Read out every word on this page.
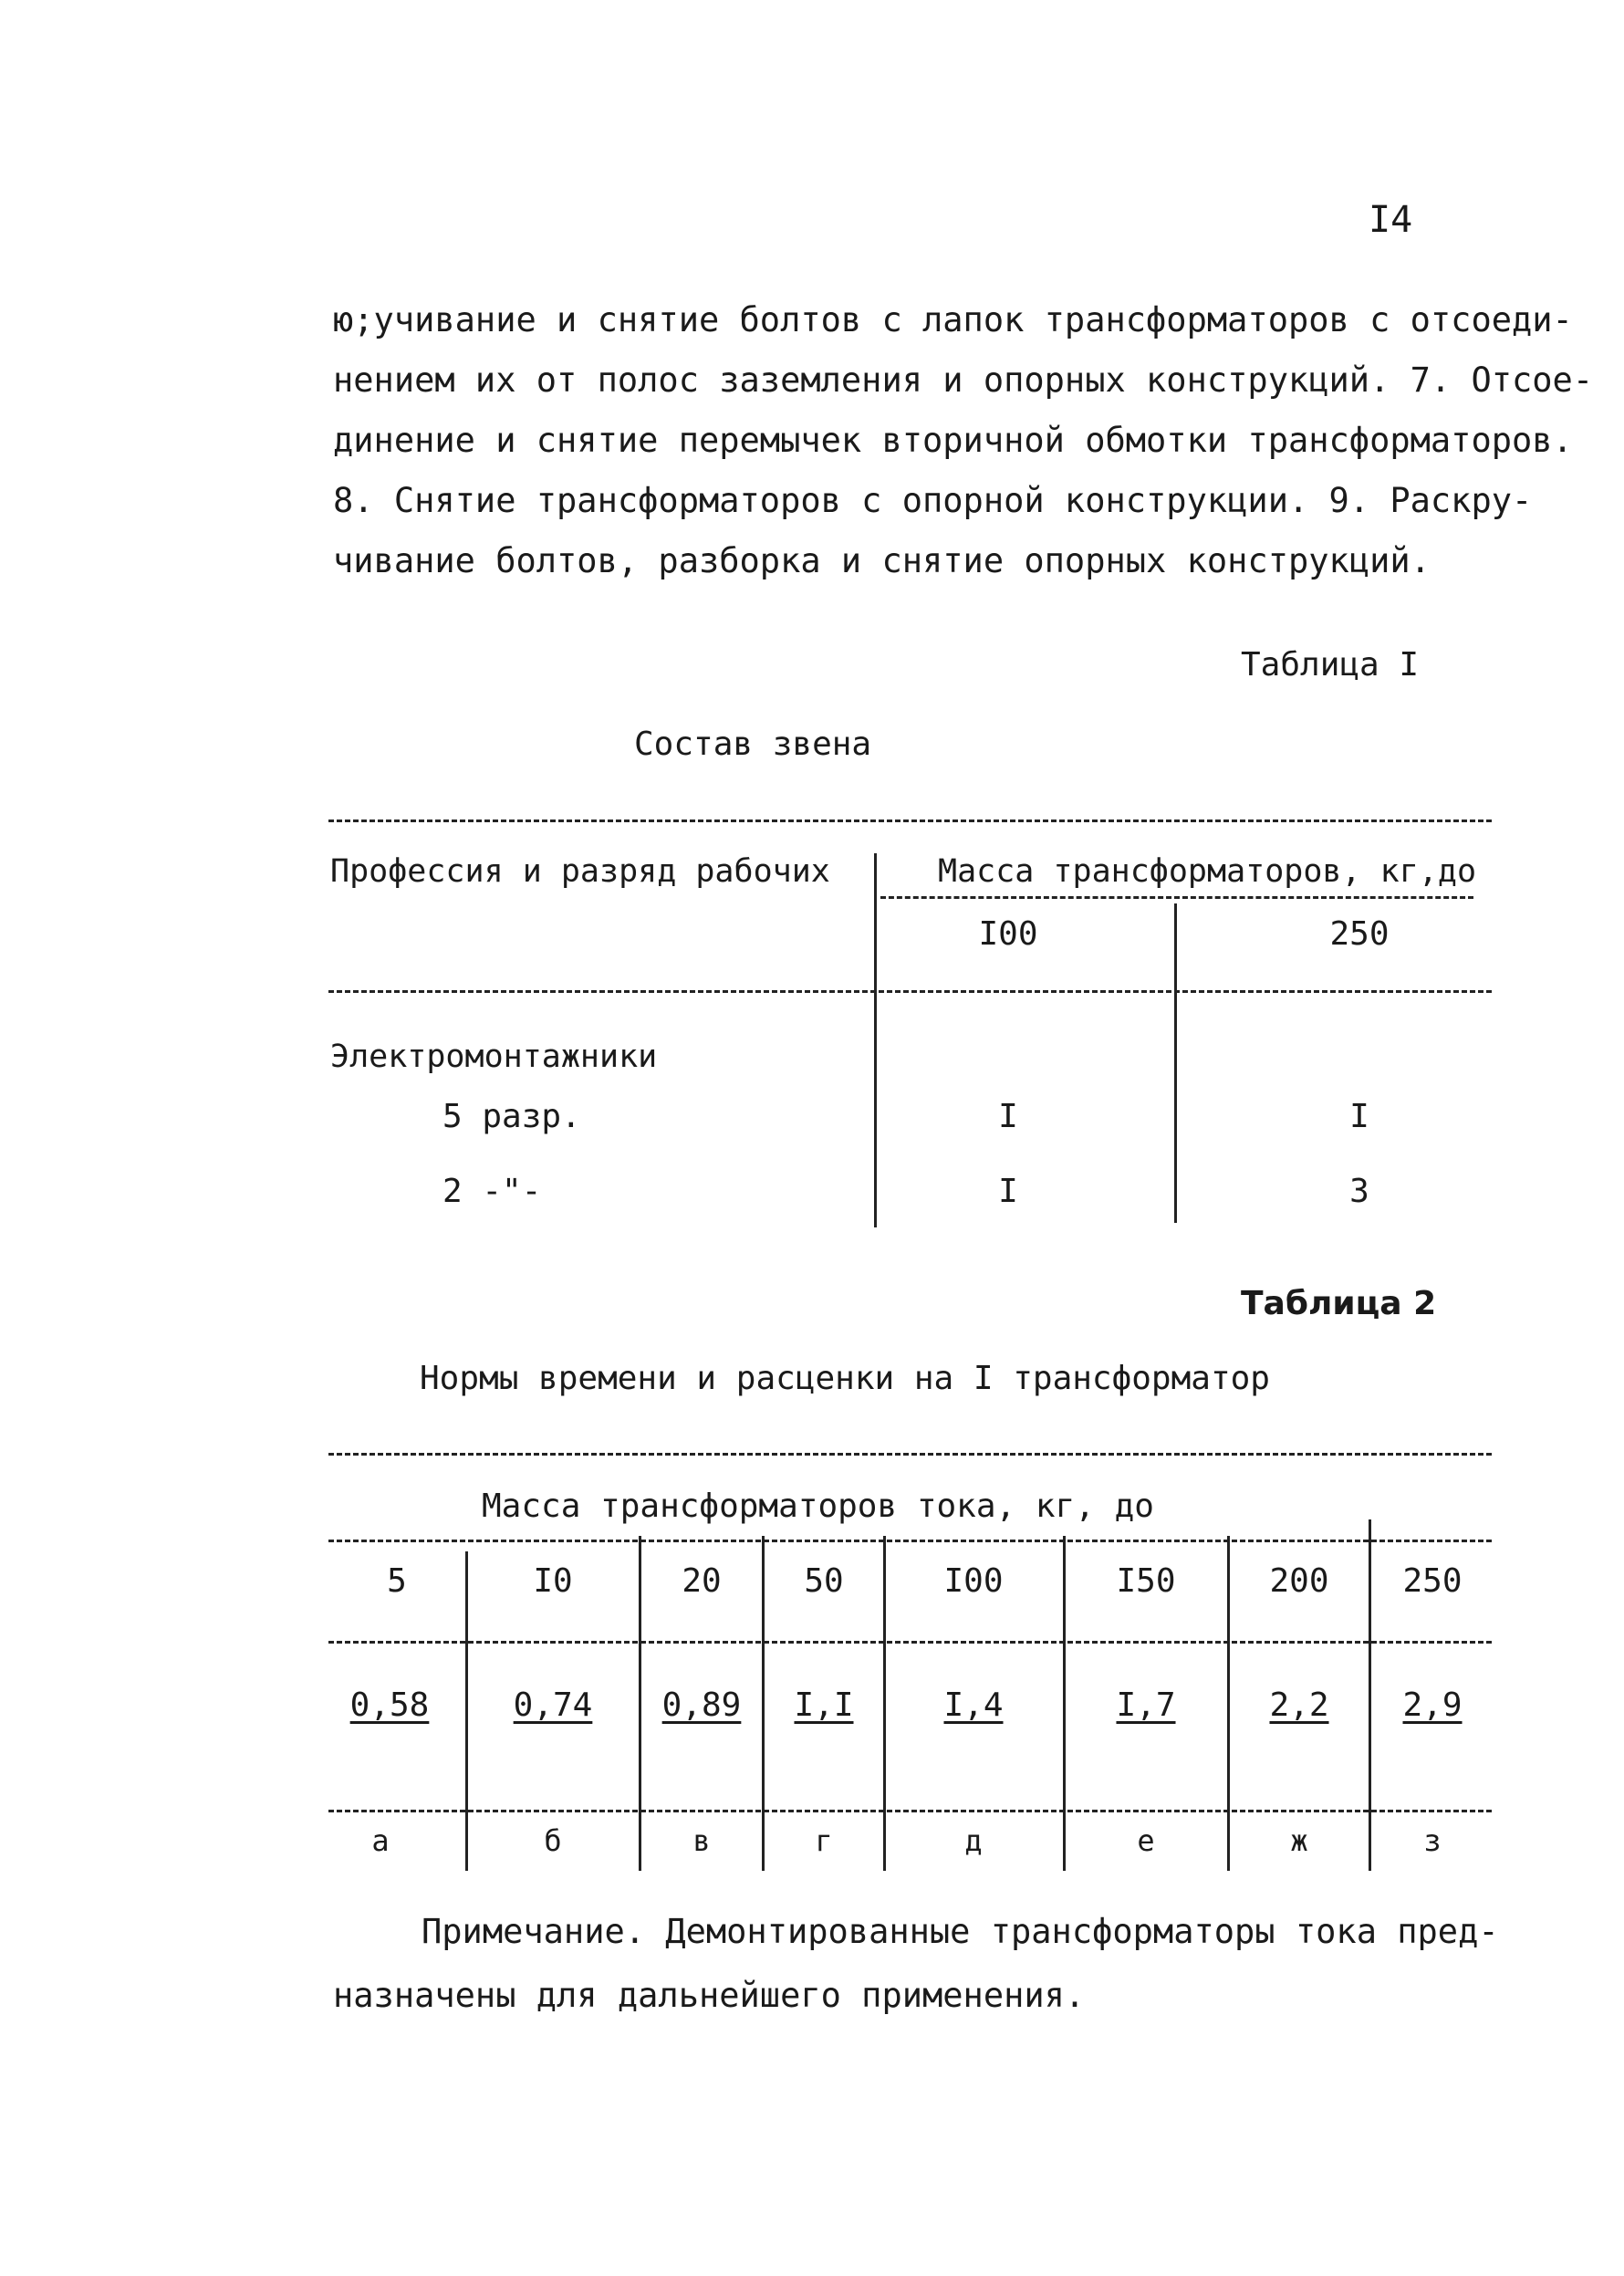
I4
ю;учивание и снятие болтов с лапок трансформаторов с отсоеди-
нением их от полос заземления и опорных конструкций. 7. Отсое-
динение и снятие перемычек вторичной обмотки трансформаторов.
8. Снятие трансформаторов с опорной конструкции. 9. Раскру-
чивание болтов, разборка и снятие опорных конструкций.
Таблица I
Состав звена
Профессия и разряд рабочих	Масса трансформаторов, кг,до
I00	250
Электромонтажники
5 разр.	I	I
2 -"-	I	3
Таблица 2
Нормы времени и расценки на I трансформатор
Масса трансформаторов тока, кг, до
5	I0	20	50	I00	I50	200	250
0,58	0,74	0,89	I,I	I,4	I,7	2,2	2,9
а	б	в	г	д	е	ж	з
Примечание. Демонтированные трансформаторы тока пред-
назначены для дальнейшего применения.
